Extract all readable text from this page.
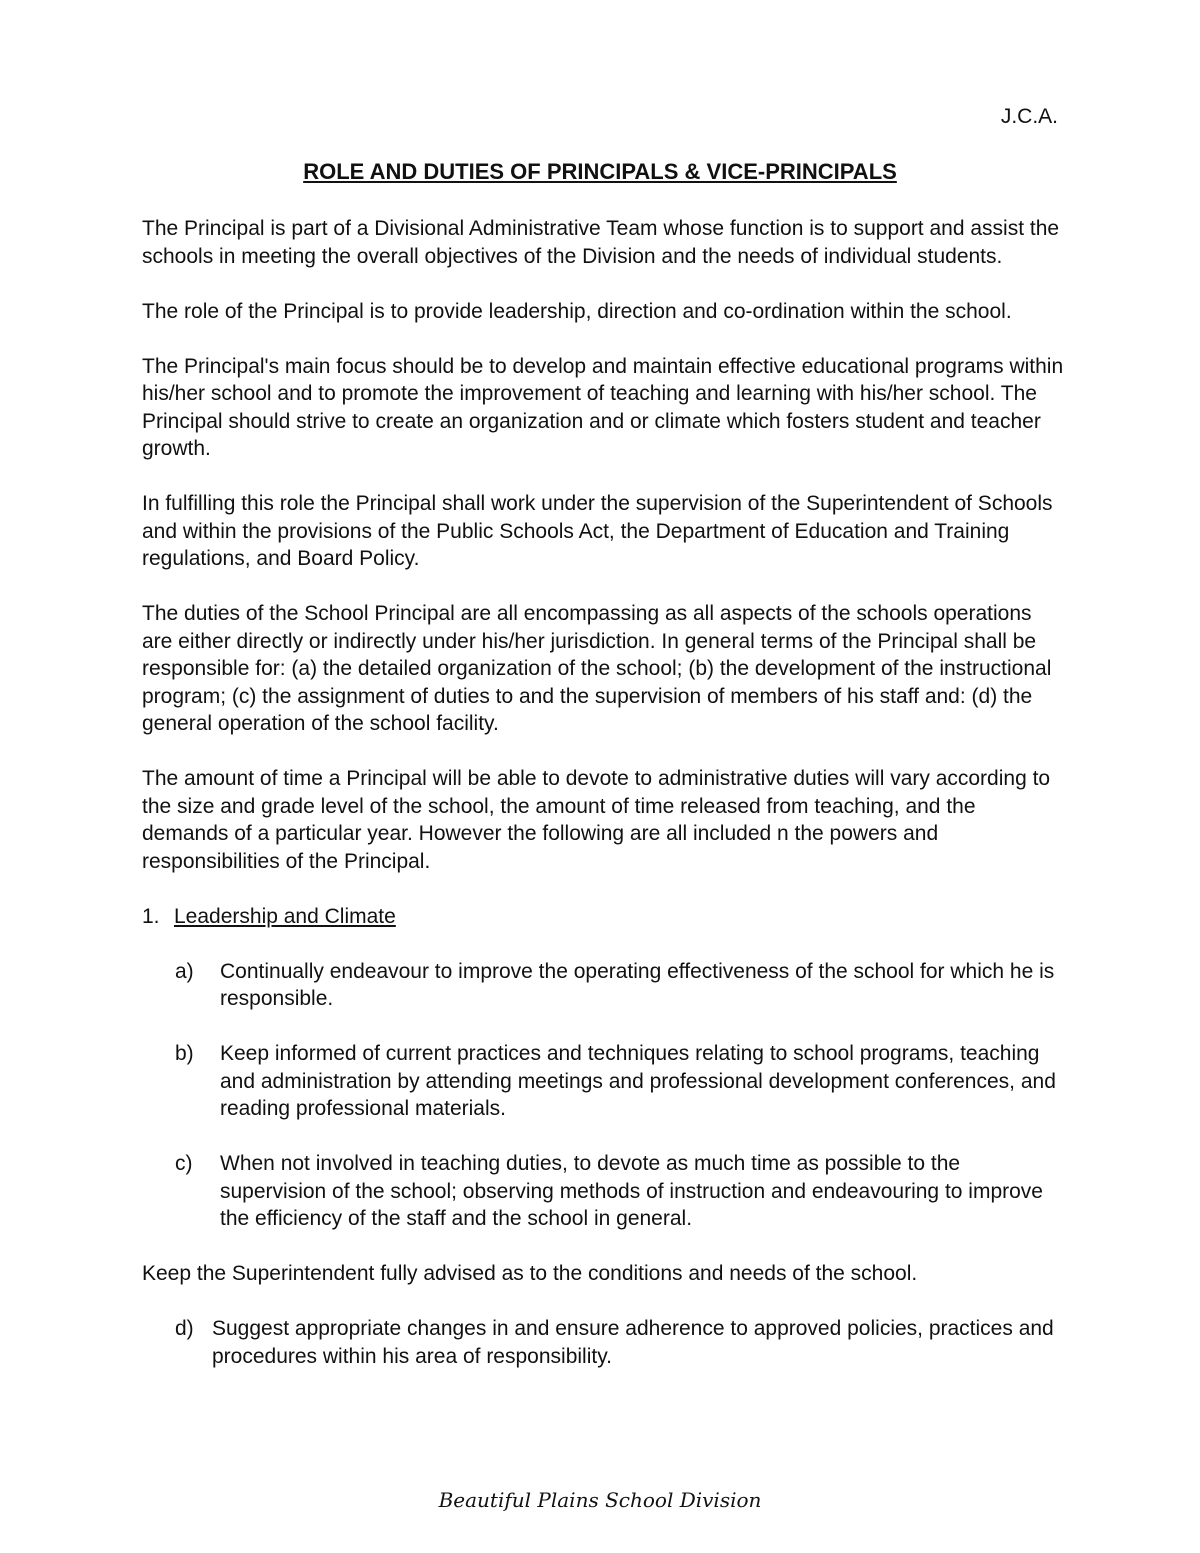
J.C.A.

ROLE AND DUTIES OF PRINCIPALS & VICE-PRINCIPALS

The Principal is part of a Divisional Administrative Team whose function is to support and assist the schools in meeting the overall objectives of the Division and the needs of individual students.

The role of the Principal is to provide leadership, direction and co-ordination within the school.

The Principal's main focus should be to develop and maintain effective educational programs within his/her school and to promote the improvement of teaching and learning with his/her school. The Principal should strive to create an organization and or climate which fosters student and teacher growth.

In fulfilling this role the Principal shall work under the supervision of the Superintendent of Schools and within the provisions of the Public Schools Act, the Department of Education and Training regulations, and Board Policy.

The duties of the School Principal are all encompassing as all aspects of the schools operations are either directly or indirectly under his/her jurisdiction. In general terms of the Principal shall be responsible for: (a) the detailed organization of the school; (b) the development of the instructional program; (c) the assignment of duties to and the supervision of members of his staff and: (d) the general operation of the school facility.

The amount of time a Principal will be able to devote to administrative duties will vary according to the size and grade level of the school, the amount of time released from teaching, and the demands of a particular year. However the following are all included n the powers and responsibilities of the Principal.

1. Leadership and Climate
a)	Continually endeavour to improve the operating effectiveness of the school for which he is responsible.
b)	Keep informed of current practices and techniques relating to school programs, teaching and administration by attending meetings and professional development conferences, and reading professional materials.
c)	When not involved in teaching duties, to devote as much time as possible to the supervision of the school; observing methods of instruction and endeavouring to improve the efficiency of the staff and the school in general.

Keep the Superintendent fully advised as to the conditions and needs of the school.

d) Suggest appropriate changes in and ensure adherence to approved policies, practices and procedures within his area of responsibility.

Beautiful Plains School Division
